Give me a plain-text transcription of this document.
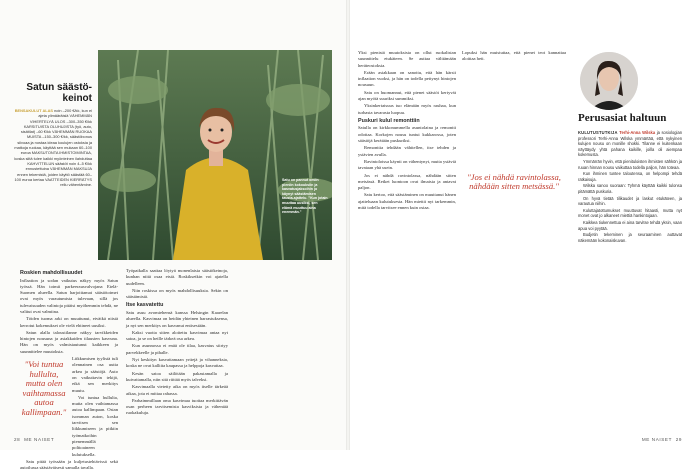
Satun säästö-keinot
BENSAKULUT ALAS noin –200 €/kk, kun ei ajeta ylimääräisiä VÄHEMMÄN VIHERTELYÄ ULOS –300–350 €/kk KARSITUISTA OLUHUJISTA (työ, auto, sisätilat) –60 €/kk VÄHEMMÄN RUOKAA MUISTA –150–300 €/kk, säästöbonus siivoaa ja nostaa ideaa koulujen ostoksia ja matkoja ruokaa, käyttää sen mukaan 60–100 euroa MAKSUTONTA IHMISTOIMINTAA, koska siitä tulee kaikki myönteinen ilahduttaa KAHVITTELUN säästöt noin 4–5 €/kk ennustettuina VÄHEMMÄN MAKSUJA ennen tekemistä, joiden käyttö säästää 60–100 euroa kertaa VAATTEIDEN KIERRÄTYS rellu vähentämine.
Satu on pannut omiin pieniin kokouksiin ja kasvatusjaksoihin jo käynyt säästämisen tausta-ajattelu. "Kun jotain muuttaa uusiksi, sen elämä muuttuu aina enemmän."
Roskien mahdollisuudet

Inflaation ja sodan vaikutus näkyy myös Satun työssä. Hän toimii parkeerausvalvojana Etelä-Suomen alueella. Satun harjoittamat säästötoimet ovat myös varautumista tulevaan, sillä jos tulevaisuuden valintoja pitäisi myöhemmin tehdä, ne valitut ovat valmiina.

Töiden tuoma arki on muuttunut, eivätkä niistä kerrotut kokemukset ole vielä ehtineet uusiksi.

Satun alalla taloustilanne näkyy tarvikkeiden hintojen nousuna ja asiakkaiden tilausten kasvuna. Hän on myös valmistautunut kaikkeen ja suunnittelee muutoksia.

"Voi tuntua hullulta, mutta olen vaihtamassa autoa kallimpaan."

Liikkumisen tyylistä tuli olennainen osa uutta arkea ja säästöjä. Auto on vaikuttavin tekijä, eikä sen merkitys muutu.

Voi tuntua hullulta, mutta olen vaihtamassa autoa kallimpaan. Ostan isomman auton, koska tarvitsen sen liikkumiseen ja pitkiin työmatkoihin pienemmällä polttoaineen kulutuksella.

Satu pitää työssään ja kuljetustehtävissä sekä autoilussa säästäväisesti samalla tavalla.

Työpaikalla saattaa löytyä monenlaisia säästökeinoja, kunhan niitä osaa etsiä. Roskiksetkin voi ajatella uudelleen.

Niin roskissa on myös mahdollisuuksia. Sekin on säästämistä.

Itse kasvatettu

Satu asuu avomiehensä kanssa Helsingin Kaarelan alueella. Kasvimaa on heidän yhteinen harrastuksensa, ja nyt sen merkitys on kasvanut entisestään.

Kaksi vuotta sitten aloitettu kasvimaa antaa nyt satoa, ja se on heille tärkeä osa arkea.

Kun asunnossa ei enää ole tilaa, kasvatus siirtyy parvekkeelle ja pihalle.

Nyt keskityn kasvattamaan yrttejä ja vihanneksia, koska ne ovat kalliita kaupassa ja helppoja kasvattaa.

Kesän satoa säilötään pakastamalla ja kuivattamalla, niin sitä riittää myös talveksi.

Kasvimaalla vietetty aika on myös itselle tärkeää aikaa, jota ei mittaa rahassa.

Parhaimmillaan oma kasvimaa tuottaa merkittävän osan perheen tarvitsemista kasviksista ja vähentää ruokakuluja.

28 ME NAISET

Yksi pienistä muutoksista on ollut ruokalistan suunnittelu etukäteen. Se auttaa välttämään heräteostoksia.

Erään asiakkaan on sanottu, että hän kärsii inflaation vuoksi, ja hän on todella pettynyt hintojen nousuun.

Satu on huomannut, että pienet säästöt kertyvät ajan myötä suuriksi summiksi.

Yksinkertaisuus tuo elämään myös rauhaa, kun turhasta tavarasta luopuu.

Puskuri kulul remonttiin

Satulla on kirkkonummella asuntolaina ja remontti odottaa. Korkojen nousu tuntui kukkarossa, joten säästöjä kerätään puskuriksi.

Remonttia tehdään vähitellen, itse tehden ja ystävien avulla.

Ravintoloissa käynti on vähentynyt, mutta ystäviä tavataan yhä usein.

Jos ei nähdä ravintolassa, nähdään sitten metsässä. Retket luontoon ovat ilmaisia ja antavat paljon.

Satu kertoo, että säästäminen on muuttanut hänen ajatteluaan kulutuksesta. Hän miettii nyt tarkemmin, mitä todella tarvitsee ennen kuin ostaa.

Lopuksi hän muistuttaa, että pienet teot kannattaa aloittaa heti.

"Jos ei nähdä ravintolassa, nähdään sitten metsässä."
Perusasiat haltuun

KULUTUSTUTKIJA Terhi-Anna Wilska ja sosiologian professori Terhi-Anna Wilska ymmärtää, että nykyinen kulujen nousu on monille shokki. Tilanne ei kuitenkaan näyttäydy yhtä pahana kaikille, joilla oli aiempaa kokemusta.

Ymmärrän hyvin, että pienituloisten ihmisten sähkön ja ruuan hinnan nousu vaikuttaa todella paljon, hän toteaa.

Kun ihminen tuntee taloutensa, on helpompi tehdä ratkaisuja.

Wilska sanoo suoraan: Tyhmä käyttää kaikki tulonsa pitämättä puskuria.

On hyvä tietää tilikaudet ja laskut etukäteen, ja varautua niihin.

Kuluttajatottumukset muuttuvat hitaasti, mutta nyt monet ovat jo alkaneet miettiä hankintojaan.

Kaikkea tiukennettua ei aina tarvitse tehdä yksin, vaan apua voi pyytää.

Budjetin tekeminen ja seuraaminen auttavat näkemään kokonaiskuvan.

ME NAISET 29
